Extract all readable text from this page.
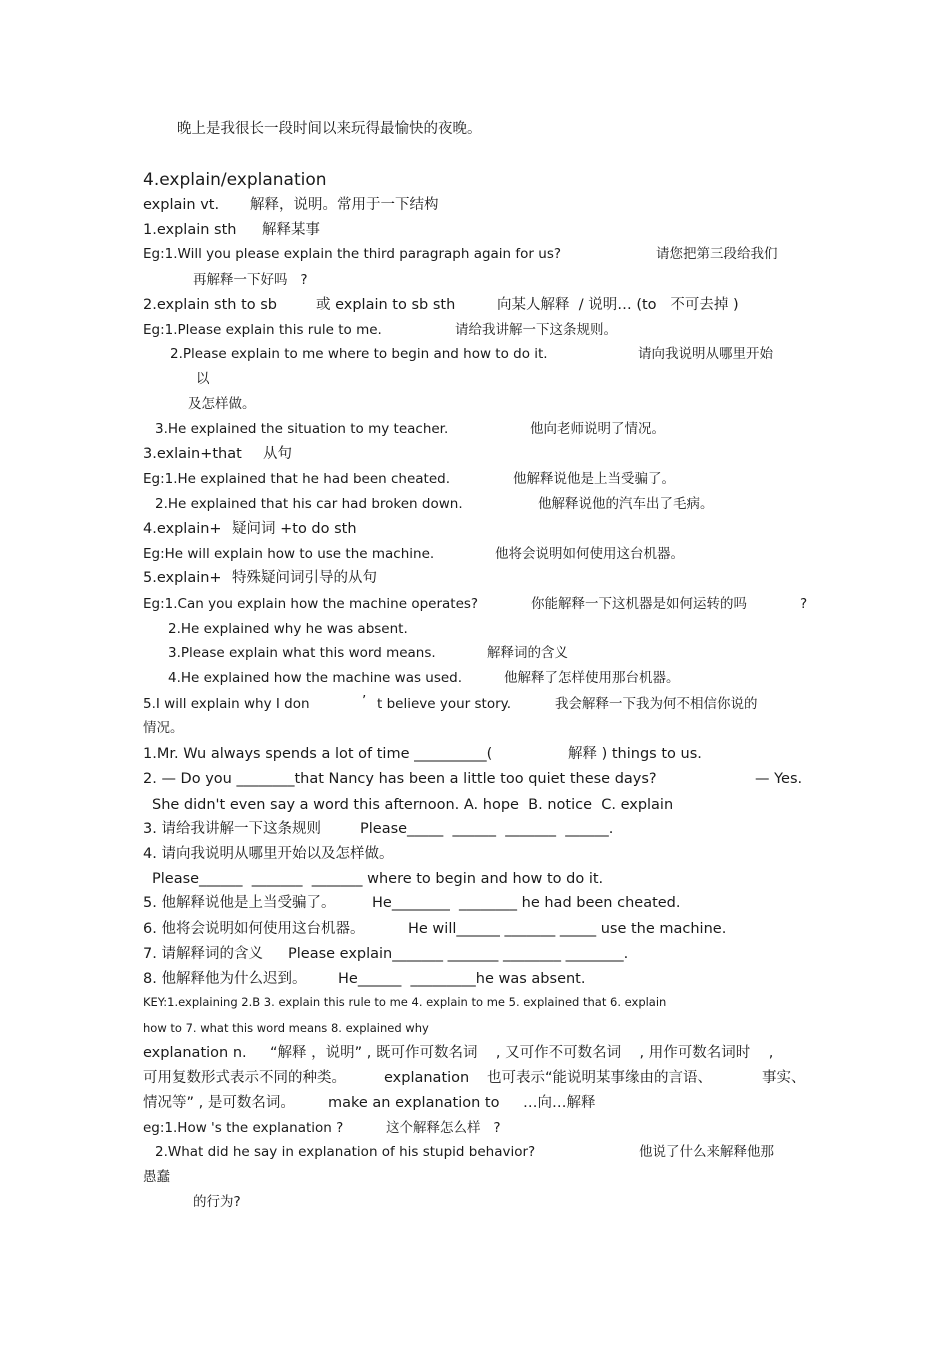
晚上是我很长一段时间以来玩得最愉快的夜晚。
4.explain/explanation
explain vt. 解释，说明。常用于一下结构
1.explain sth 解释某事
Eg:1.Will you please explain the third paragraph again for us?	请您把第三段给我们
再解释一下好吗   ?
2.explain sth to sb	或 explain to sb sth	向某人解释  / 说明… (to   不可去掉 )
Eg:1.Please explain this rule to me.	请给我讲解一下这条规则。
2.Please explain to me where to begin and how to do it.	请向我说明从哪里开始
以
及怎样做。
3.He explained the situation to my teacher.	他向老师说明了情况。
3.exlain+that 从句
Eg:1.He explained that he had been cheated.	他解释说他是上当受骗了。
2.He explained that his car had broken down.	他解释说他的汽车出了毛病。
4.explain+ 疑问词 +to do sth
Eg:He will explain how to use the machine.	他将会说明如何使用这台机器。
5.explain+ 特殊疑问词引导的从句
Eg:1.Can you explain how the machine operates?	你能解释一下这机器是如何运转的吗	?
2.He explained why he was absent.
3.Please explain what this word means.	解释词的含义
4.He explained how the machine was used.	他解释了怎样使用那台机器。
5.I will explain why I don	’ t believe your story.	我会解释一下我为何不相信你说的
情况。
1.Mr. Wu always spends a lot of time __________(	解释 ) things to us.
2. — Do you ________that Nancy has been a little too quiet these days?	— Yes.
She didn't even say a word this afternoon. A. hope  B. notice  C. explain
3. 请给我讲解一下这条规则	Please_____  ______  _______  ______.
4. 请向我说明从哪里开始以及怎样做。
Please______  _______  _______ where to begin and how to do it.
5. 他解释说他是上当受骗了。	He________  ________ he had been cheated.
6. 他将会说明如何使用这台机器。	He will______ _______ _____ use the machine.
7. 请解释词的含义 Please explain_______ _______ ________ ________.
8. 他解释他为什么迟到。 He______  _________he was absent.
KEY:1.explaining 2.B 3. explain this rule to me 4. explain to me 5. explained that 6. explain
how to 7. what this word means 8. explained why
explanation n. “解释 ，说明” , 既可作可数名词    , 又可作不可数名词    , 用作可数名词时    ,
可用复数形式表示不同的种类。	explanation 也可表示“能说明某事缘由的言语、	事实、
情况等” , 是可数名词。 make an explanation to …向…解释
eg:1.How 's the explanation ?	这个解释怎么样   ?
2.What did he say in explanation of his stupid behavior?	他说了什么来解释他那
愚蠢
的行为?
